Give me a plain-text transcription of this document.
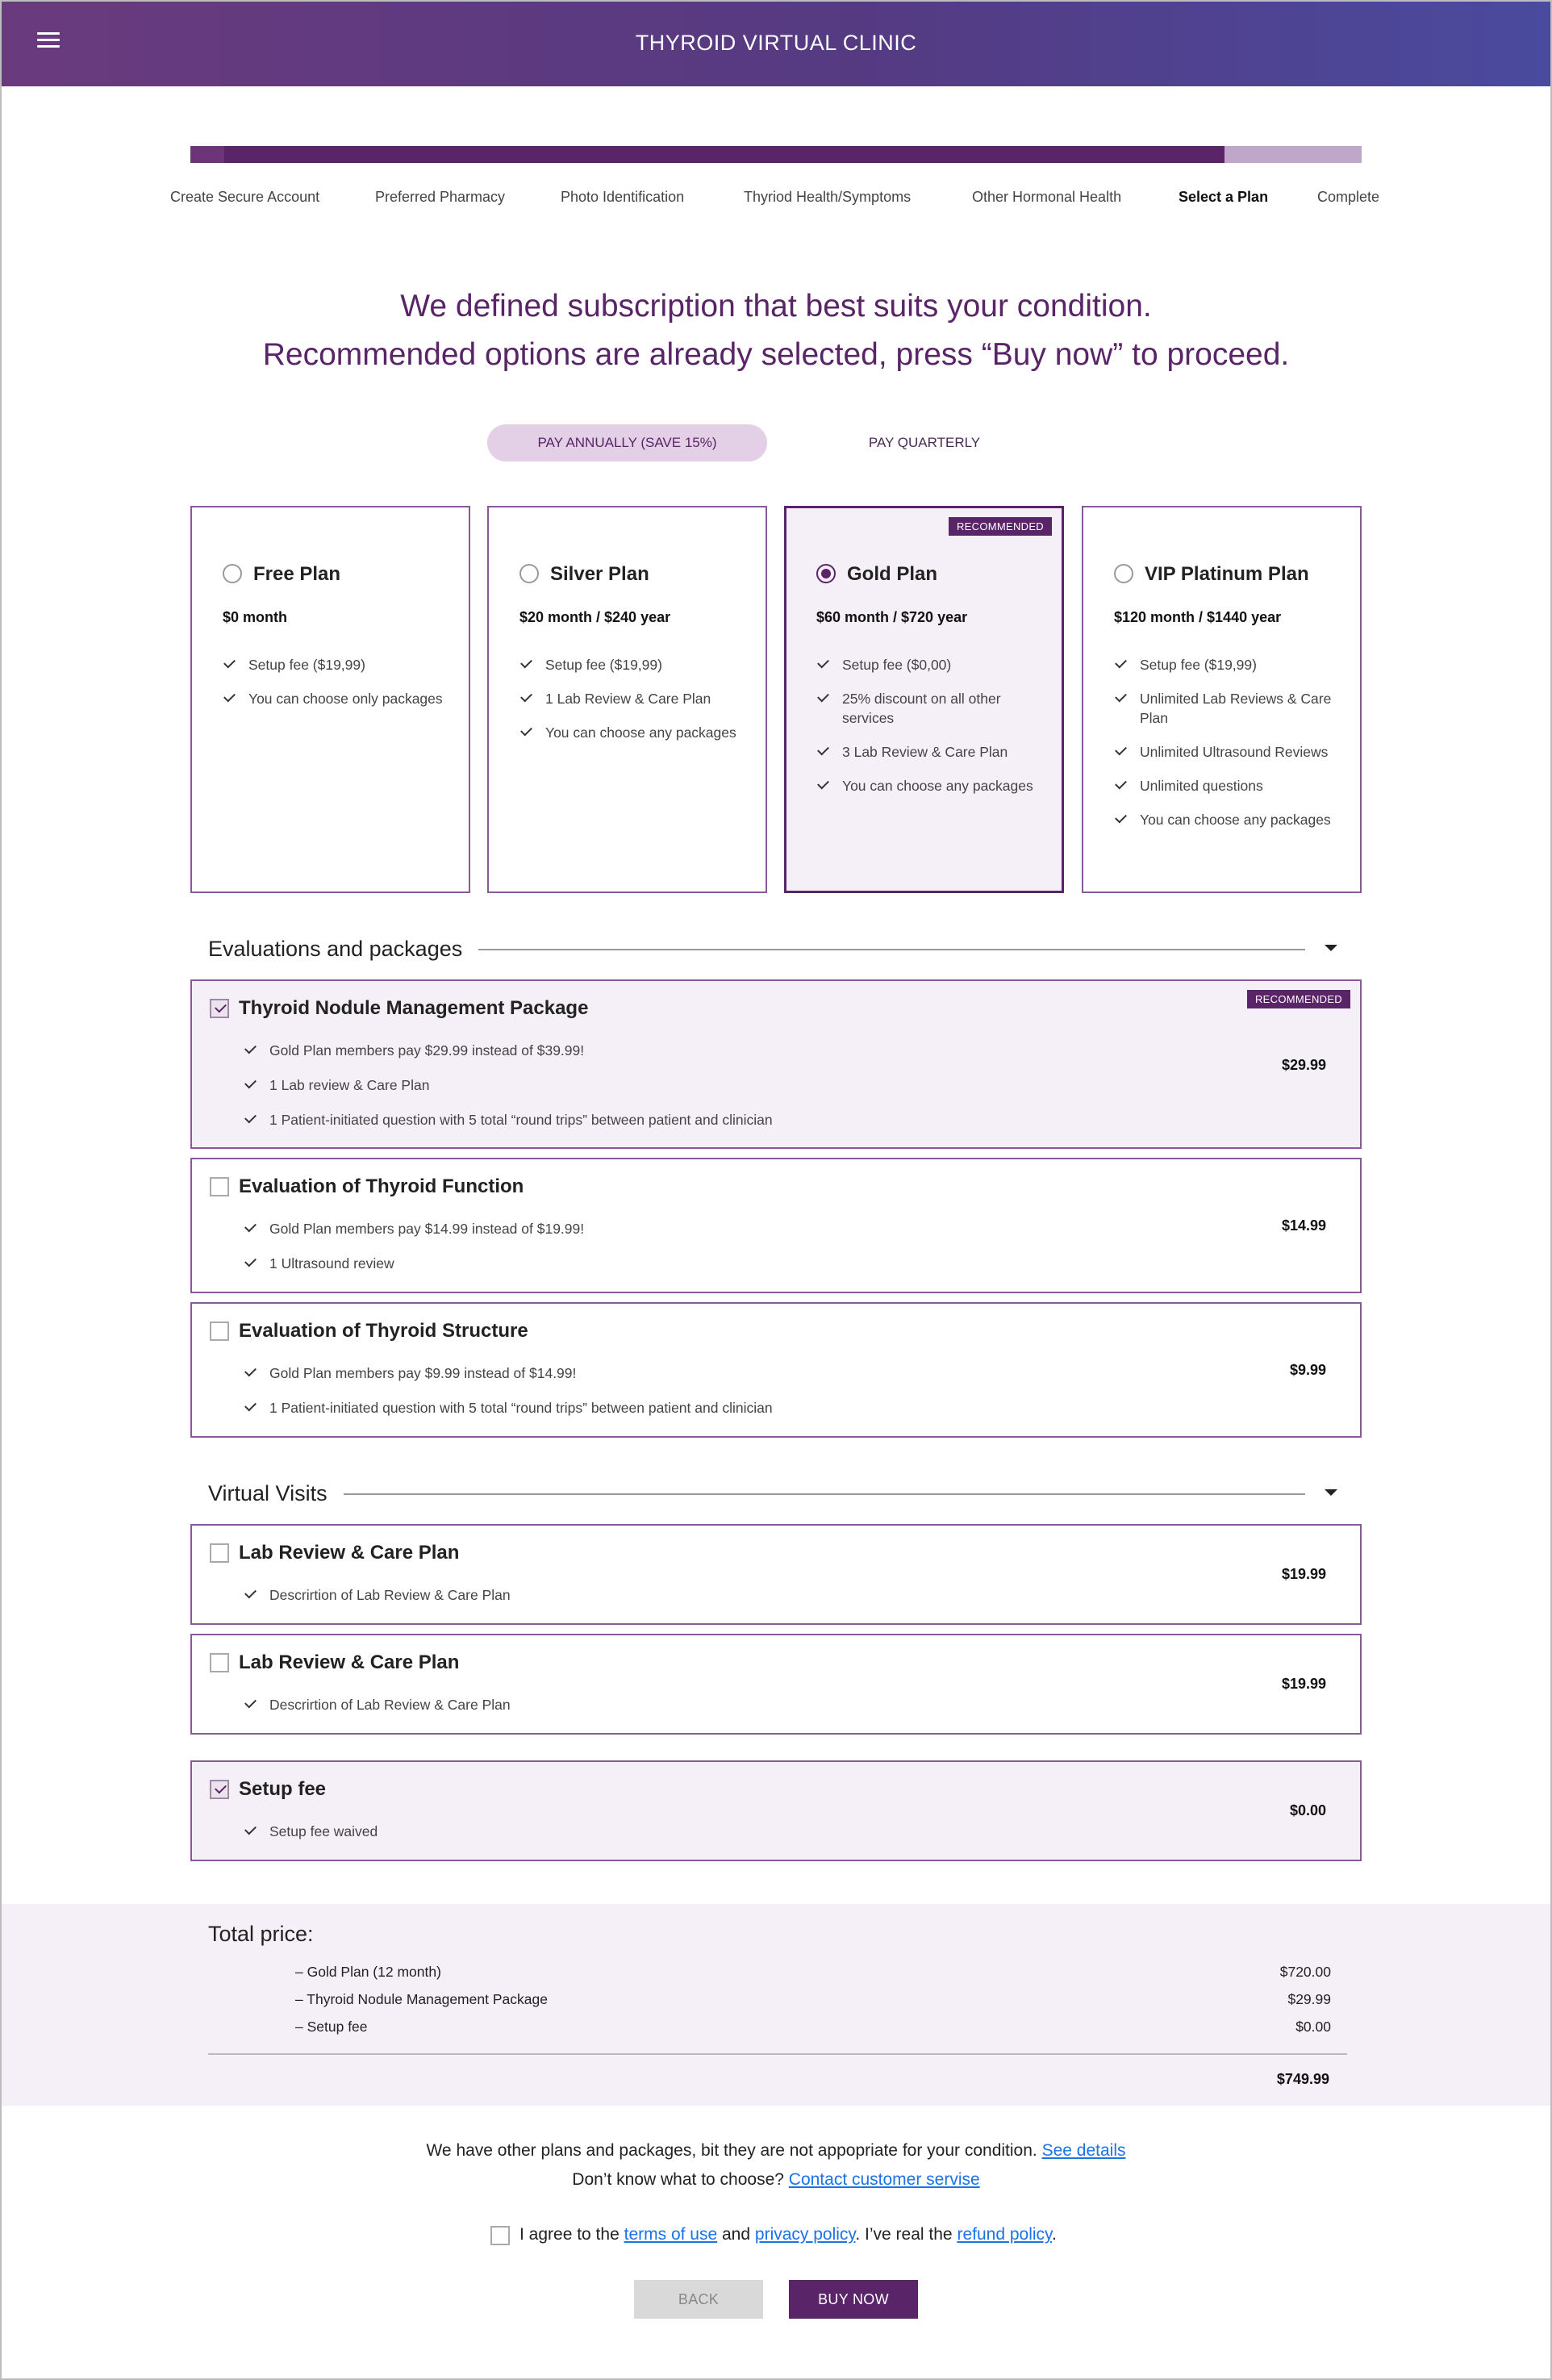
THYROID VIRTUAL CLINIC
Create Secure Account	Preferred Pharmacy	Photo Identification	Thyriod Health/Symptoms	Other Hormonal Health	Select a Plan	Complete
We defined subscription that best suits your condition.
Recommended options are already selected, press “Buy now” to proceed.
PAY ANNUALLY (SAVE 15%)	PAY QUARTERLY
Free Plan
$0 month
Setup fee ($19,99)
You can choose only packages
Silver Plan
$20 month / $240 year
Setup fee ($19,99)
1 Lab Review & Care Plan
You can choose any packages
RECOMMENDED
Gold Plan
$60 month / $720 year
Setup fee ($0,00)
25% discount on all other services
3 Lab Review & Care Plan
You can choose any packages
VIP Platinum Plan
$120 month / $1440 year
Setup fee ($19,99)
Unlimited Lab Reviews & Care Plan
Unlimited Ultrasound Reviews
Unlimited questions
You can choose any packages
Evaluations and packages
Thyroid Nodule Management Package	RECOMMENDED
Gold Plan members pay $29.99 instead of $39.99!
1 Lab review & Care Plan
1 Patient-initiated question with 5 total “round trips” between patient and clinician
$29.99
Evaluation of Thyroid Function
Gold Plan members pay $14.99 instead of $19.99!
1 Ultrasound review
$14.99
Evaluation of Thyroid Structure
Gold Plan members pay $9.99 instead of $14.99!
1 Patient-initiated question with 5 total “round trips” between patient and clinician
$9.99
Virtual Visits
Lab Review & Care Plan
Descrirtion of Lab Review & Care Plan
$19.99
Lab Review & Care Plan
Descrirtion of Lab Review & Care Plan
$19.99
Setup fee
Setup fee waived
$0.00
Total price:
– Gold Plan (12 month)	$720.00
– Thyroid Nodule Management Package	$29.99
– Setup fee	$0.00
$749.99
We have other plans and packages, bit they are not appopriate for your condition. See details
Don’t know what to choose? Contact customer servise
I agree to the terms of use and privacy policy. I’ve real the refund policy.
BACK	BUY NOW
